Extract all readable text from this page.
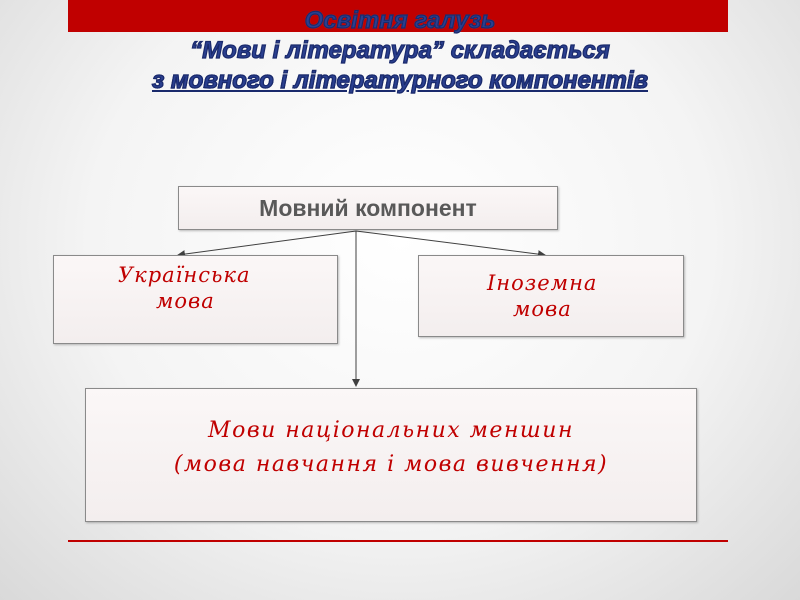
Освітня галузь
“Мови і література” складається
з мовного і літературного компонентів
Мовний компонент
Українська
мова
Іноземна
мова
Мови національних меншин
(мова навчання і мова вивчення)
